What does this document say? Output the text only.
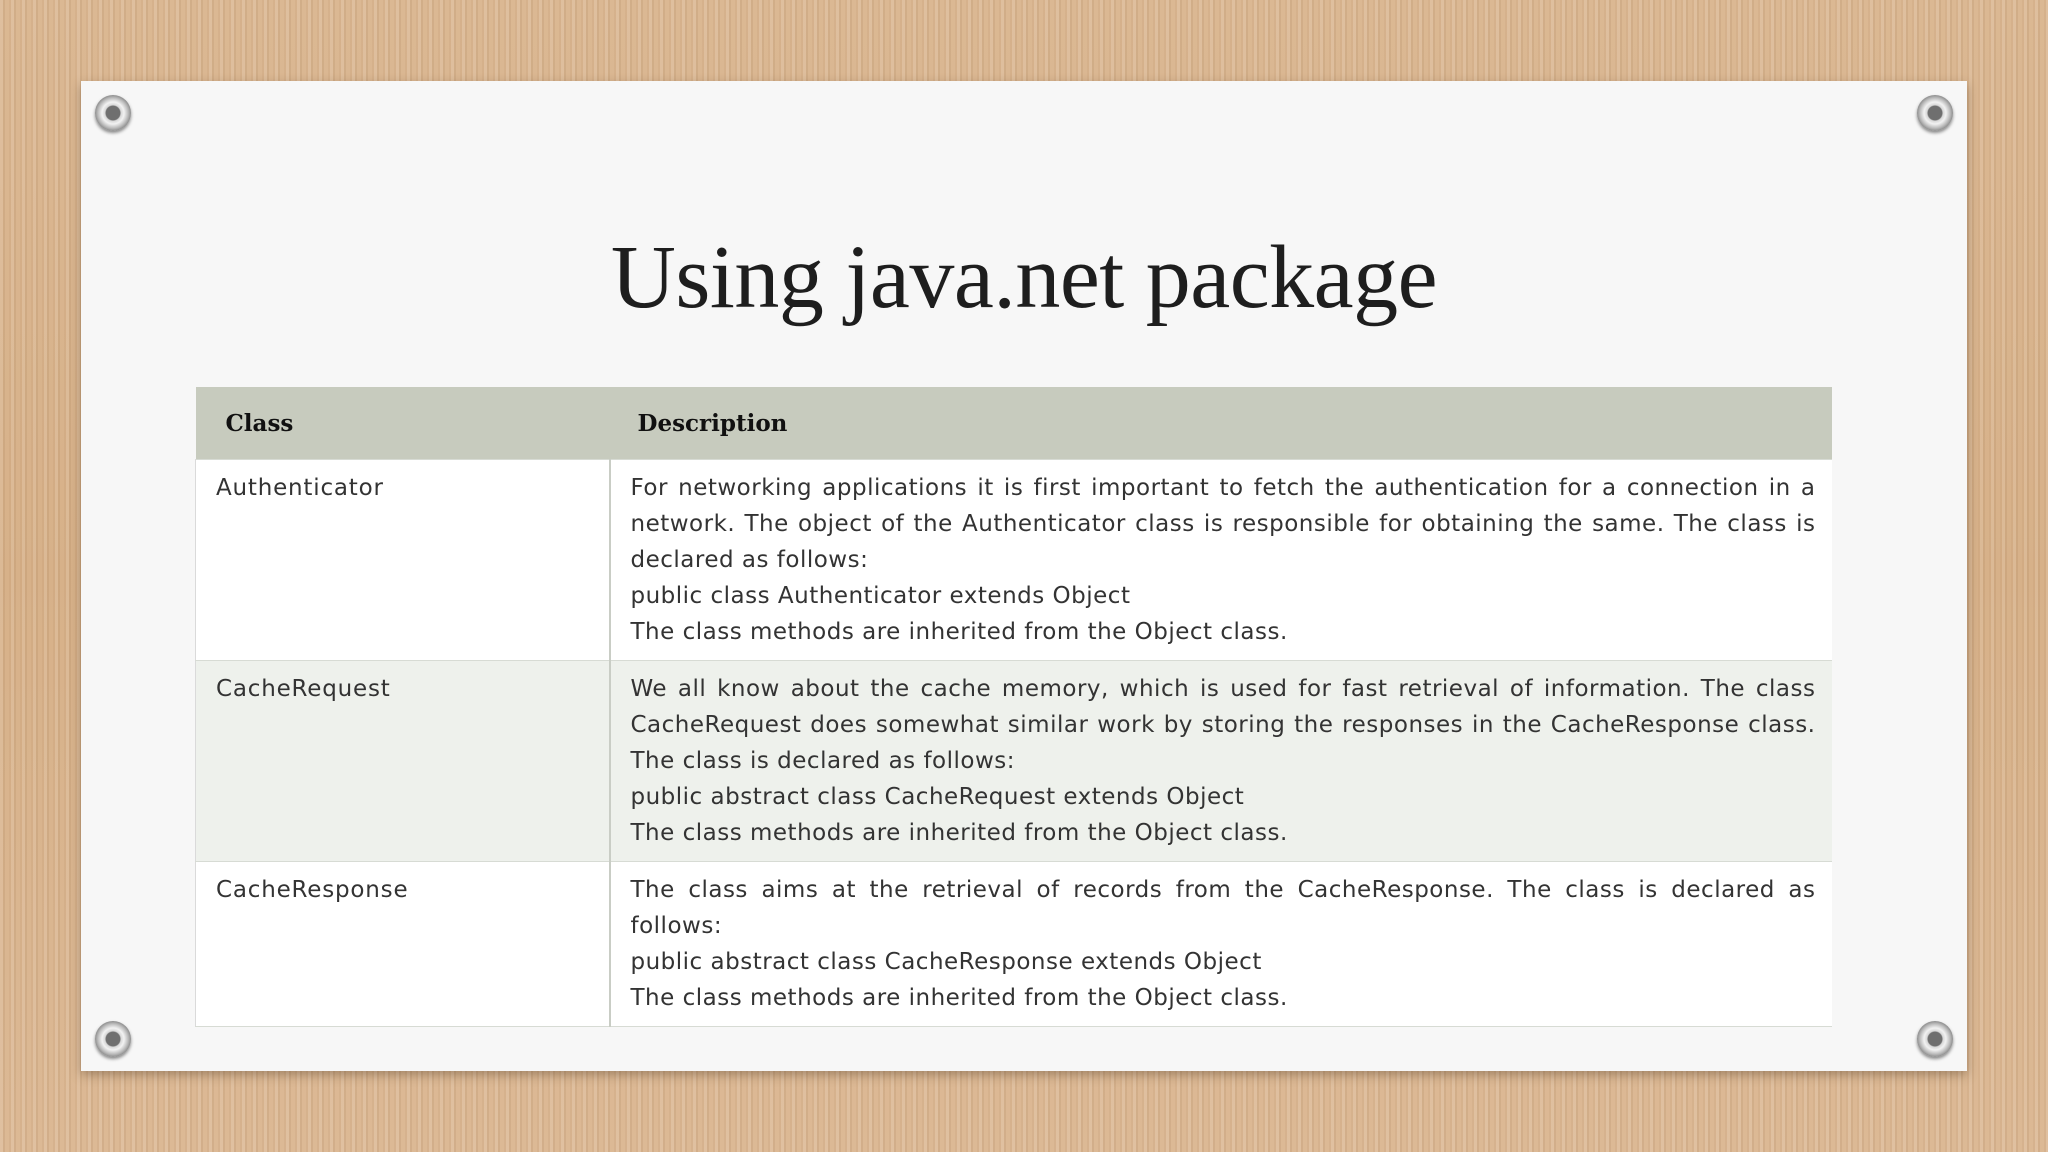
Using java.net package
Class	Description
Authenticator	For networking applications it is first important to fetch the authentication for a connection in a network. The object of the Authenticator class is responsible for obtaining the same. The class is declared as follows:
public class Authenticator extends Object
The class methods are inherited from the Object class.

CacheRequest	We all know about the cache memory, which is used for fast retrieval of information. The class CacheRequest does somewhat similar work by storing the responses in the CacheResponse class. The class is declared as follows:
public abstract class CacheRequest extends Object
The class methods are inherited from the Object class.

CacheResponse	The class aims at the retrieval of records from the CacheResponse. The class is declared as follows:
public abstract class CacheResponse extends Object
The class methods are inherited from the Object class.
